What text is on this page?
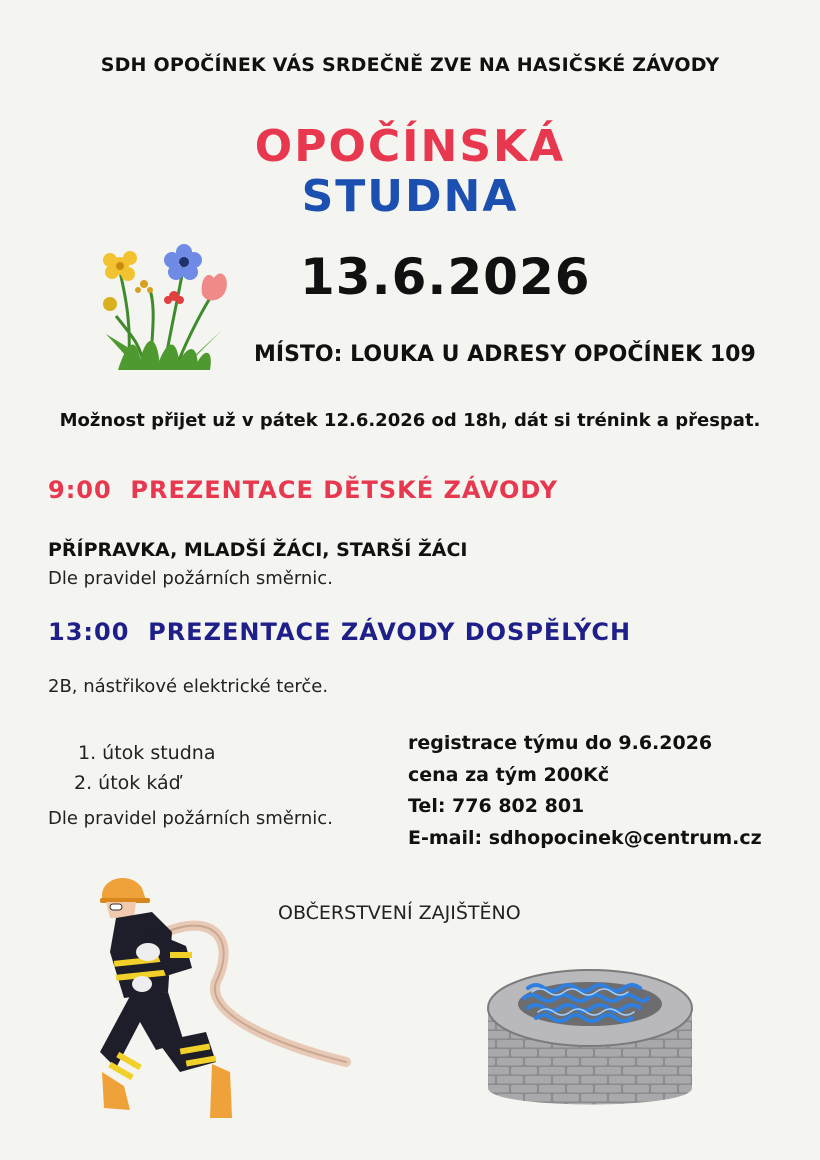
SDH OPOČÍNEK VÁS SRDEČNĚ ZVE NA HASIČSKÉ ZÁVODY
OPOČÍNSKÁ
STUDNA
13.6.2026
MÍSTO: LOUKA U ADRESY OPOČÍNEK 109
Možnost přijet už v pátek 12.6.2026 od 18h, dát si trénink a přespat.
9:00  PREZENTACE DĚTSKÉ ZÁVODY
PŘÍPRAVKA, MLADŠÍ ŽÁCI, STARŠÍ ŽÁCI
Dle pravidel požárních směrnic.
13:00  PREZENTACE ZÁVODY DOSPĚLÝCH
2B, nástřikové elektrické terče.
1. útok studna
2. útok káď
Dle pravidel požárních směrnic.
registrace týmu do 9.6.2026
cena za tým 200Kč
Tel: 776 802 801
E-mail: sdhopocinek@centrum.cz
OBČERSTVENÍ ZAJIŠTĚNO
